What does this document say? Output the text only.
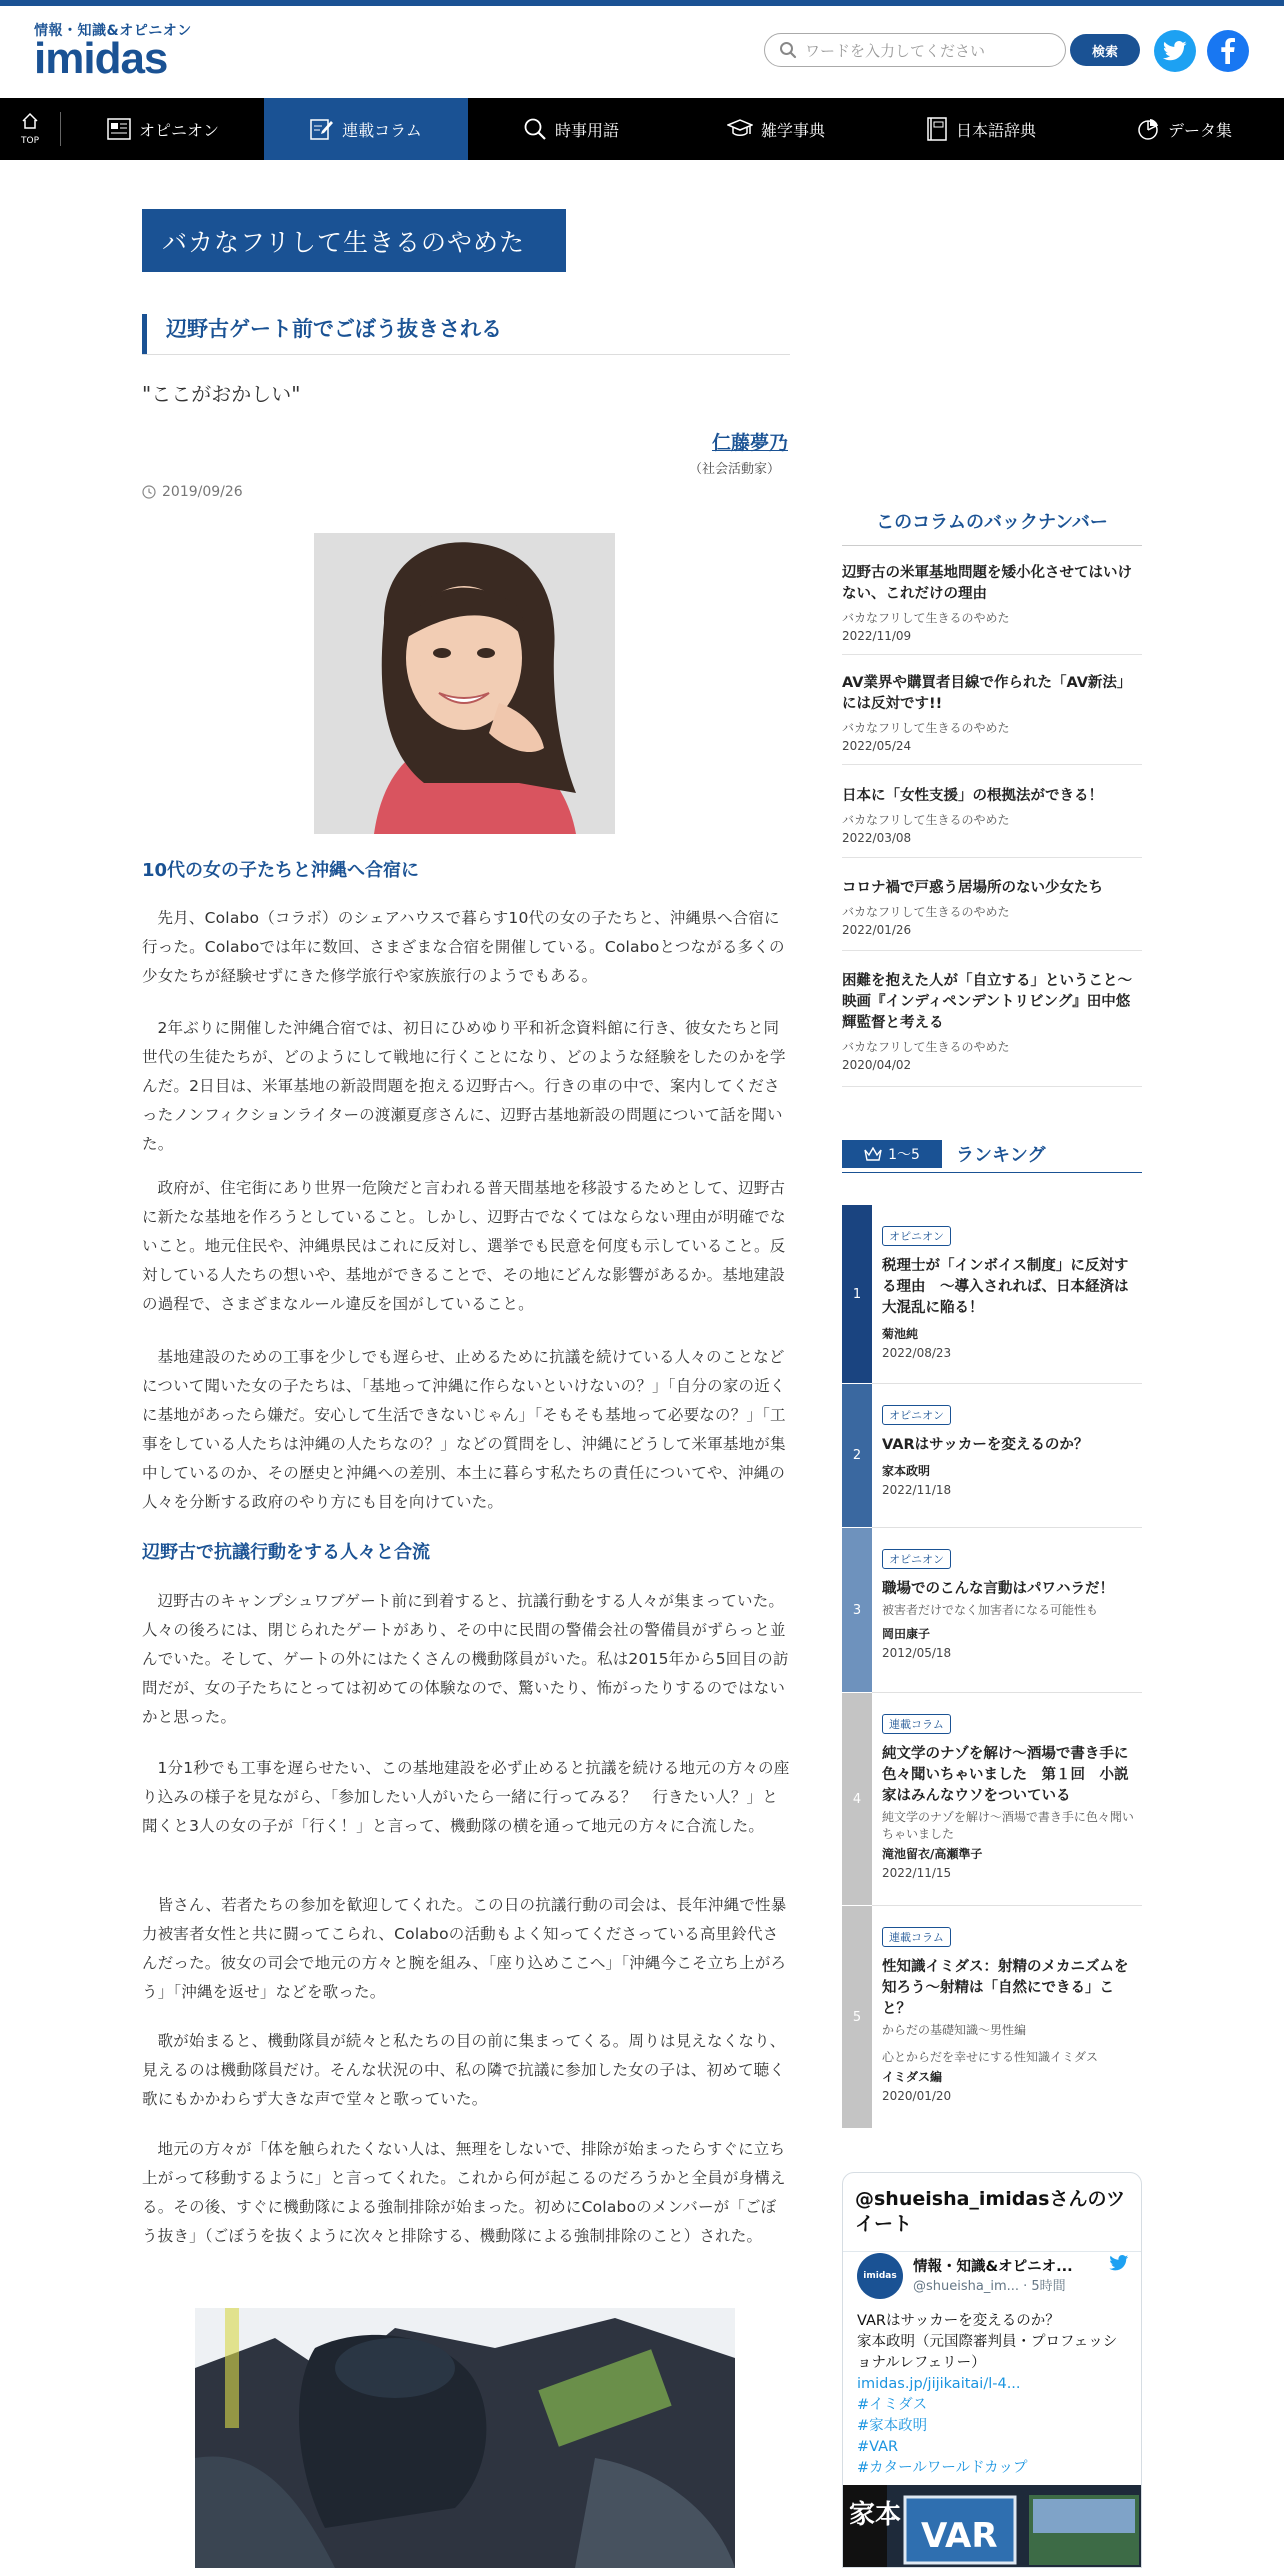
情報・知識&オピニオン
imidas
ワードを入力してください	検索
TOP
オピニオン	連載コラム	時事用語	雑学事典	日本語辞典	データ集
バカなフリして生きるのやめた
辺野古ゲート前でごぼう抜きされる
"ここがおかしい"
仁藤夢乃
（社会活動家）
2019/09/26
10代の女の子たちと沖縄へ合宿に

先月、Colabo（コラボ）のシェアハウスで暮らす10代の女の子たちと、沖縄県へ合宿に行った。Colaboでは年に数回、さまざまな合宿を開催している。Colaboとつながる多くの少女たちが経験せずにきた修学旅行や家族旅行のようでもある。

2年ぶりに開催した沖縄合宿では、初日にひめゆり平和祈念資料館に行き、彼女たちと同世代の生徒たちが、どのようにして戦地に行くことになり、どのような経験をしたのかを学んだ。2日目は、米軍基地の新設問題を抱える辺野古へ。行きの車の中で、案内してくださったノンフィクションライターの渡瀬夏彦さんに、辺野古基地新設の問題について話を聞いた。

政府が、住宅街にあり世界一危険だと言われる普天間基地を移設するためとして、辺野古に新たな基地を作ろうとしていること。しかし、辺野古でなくてはならない理由が明確でないこと。地元住民や、沖縄県民はこれに反対し、選挙でも民意を何度も示していること。反対している人たちの想いや、基地ができることで、その地にどんな影響があるか。基地建設の過程で、さまざまなルール違反を国がしていること。

基地建設のための工事を少しでも遅らせ、止めるために抗議を続けている人々のことなどについて聞いた女の子たちは、「基地って沖縄に作らないといけないの？」「自分の家の近くに基地があったら嫌だ。安心して生活できないじゃん」「そもそも基地って必要なの？」「工事をしている人たちは沖縄の人たちなの？」などの質問をし、沖縄にどうして米軍基地が集中しているのか、その歴史と沖縄への差別、本土に暮らす私たちの責任についてや、沖縄の人々を分断する政府のやり方にも目を向けていた。

辺野古で抗議行動をする人々と合流

辺野古のキャンプシュワブゲート前に到着すると、抗議行動をする人々が集まっていた。人々の後ろには、閉じられたゲートがあり、その中に民間の警備会社の警備員がずらっと並んでいた。そして、ゲートの外にはたくさんの機動隊員がいた。私は2015年から5回目の訪問だが、女の子たちにとっては初めての体験なので、驚いたり、怖がったりするのではないかと思った。

1分1秒でも工事を遅らせたい、この基地建設を必ず止めると抗議を続ける地元の方々の座り込みの様子を見ながら、「参加したい人がいたら一緒に行ってみる？　行きたい人？」と聞くと3人の女の子が「行く！」と言って、機動隊の横を通って地元の方々に合流した。

皆さん、若者たちの参加を歓迎してくれた。この日の抗議行動の司会は、長年沖縄で性暴力被害者女性と共に闘ってこられ、Colaboの活動もよく知ってくださっている高里鈴代さんだった。彼女の司会で地元の方々と腕を組み、「座り込めここへ」「沖縄今こそ立ち上がろう」「沖縄を返せ」などを歌った。

歌が始まると、機動隊員が続々と私たちの目の前に集まってくる。周りは見えなくなり、見えるのは機動隊員だけ。そんな状況の中、私の隣で抗議に参加した女の子は、初めて聴く歌にもかかわらず大きな声で堂々と歌っていた。

地元の方々が「体を触られたくない人は、無理をしないで、排除が始まったらすぐに立ち上がって移動するように」と言ってくれた。これから何が起こるのだろうかと全員が身構える。その後、すぐに機動隊による強制排除が始まった。初めにColaboのメンバーが「ごぼう抜き」（ごぼうを抜くように次々と排除する、機動隊による強制排除のこと）された。

このコラムのバックナンバー
辺野古の米軍基地問題を矮小化させてはいけない、これだけの理由
バカなフリして生きるのやめた
2022/11/09
AV業界や購買者目線で作られた「AV新法」には反対です!!
バカなフリして生きるのやめた
2022/05/24
日本に「女性支援」の根拠法ができる！
バカなフリして生きるのやめた
2022/03/08
コロナ禍で戸惑う居場所のない少女たち
バカなフリして生きるのやめた
2022/01/26
困難を抱えた人が「自立する」ということ〜映画『インディペンデントリビング』田中悠輝監督と考える
バカなフリして生きるのやめた
2020/04/02
1～5 ランキング
1
オピニオン
税理士が「インボイス制度」に反対する理由　～導入されれば、日本経済は大混乱に陥る！
菊池純
2022/08/23
2
オピニオン
VARはサッカーを変えるのか？
家本政明
2022/11/18
3
オピニオン
職場でのこんな言動はパワハラだ！
被害者だけでなく加害者になる可能性も
岡田康子
2012/05/18
4
連載コラム
純文学のナゾを解け～酒場で書き手に色々聞いちゃいました　第１回　小説家はみんなウソをついている
純文学のナゾを解け～酒場で書き手に色々聞いちゃいました
滝池留衣/高瀬準子
2022/11/15
5
連載コラム
性知識イミダス：射精のメカニズムを知ろう～射精は「自然にできる」こと？
からだの基礎知識～男性編
心とからだを幸せにする性知識イミダス
イミダス編
2020/01/20
@shueisha_imidasさんのツイート
imidas
情報・知識&オピニオ...
@shueisha_im... · 5時間
VARはサッカーを変えるのか？
家本政明（元国際審判員・プロフェッショナルレフェリー）
imidas.jp/jijikaitai/l-4...
#イミダス
#家本政明
#VAR
#カタールワールドカップ
家本
VAR
